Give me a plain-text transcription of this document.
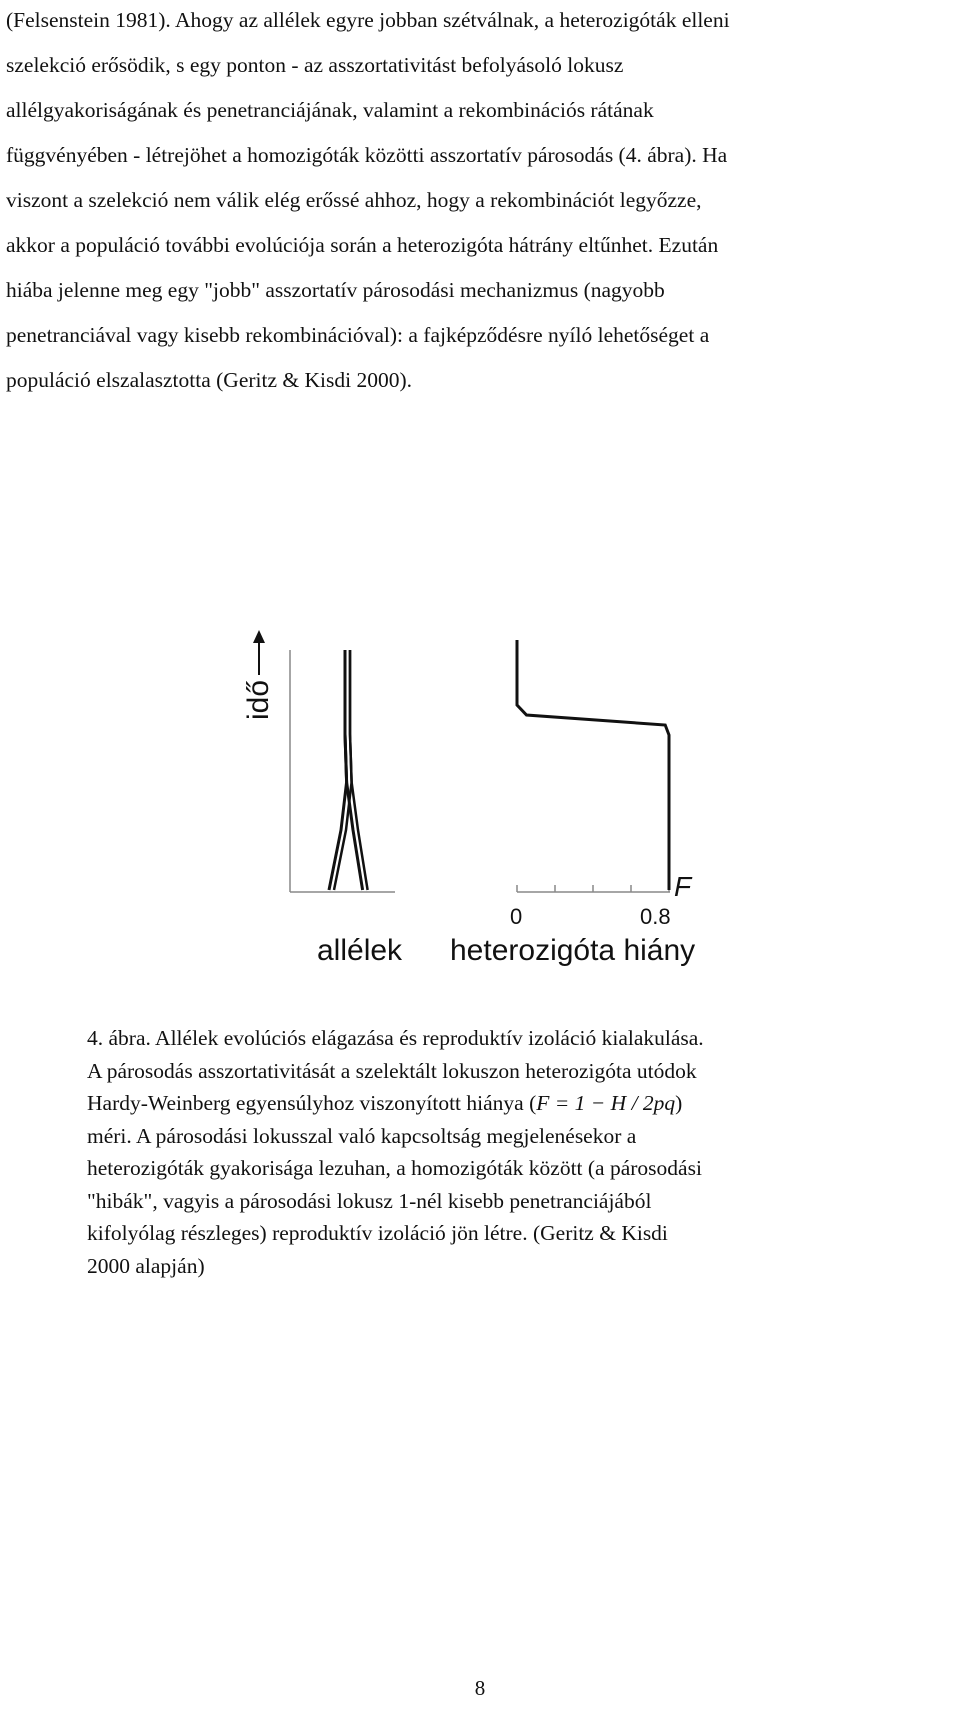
(Felsenstein 1981). Ahogy az allélek egyre jobban szétválnak, a heterozigóták elleni
szelekció erősödik, s egy ponton - az asszortativitást befolyásoló lokusz
allélgyakoriságának és penetranciájának, valamint a rekombinációs rátának
függvényében - létrejöhet a homozigóták közötti asszortatív párosodás (4. ábra). Ha
viszont a szelekció nem válik elég erőssé ahhoz, hogy a rekombinációt legyőzze,
akkor a populáció további evolúciója során a heterozigóta hátrány eltűnhet. Ezután
hiába jelenne meg egy "jobb" asszortatív párosodási mechanizmus (nagyobb
penetranciával vagy kisebb rekombinációval): a fajképződésre nyíló lehetőséget a
populáció elszalasztotta (Geritz & Kisdi 2000).
idő
F
0	0.8
allélek heterozigóta hiány
4. ábra. Allélek evolúciós elágazása és reproduktív izoláció kialakulása.
A párosodás asszortativitását a szelektált lokuszon heterozigóta utódok
Hardy-Weinberg egyensúlyhoz viszonyított hiánya (F = 1 − H / 2pq)
méri. A párosodási lokusszal való kapcsoltság megjelenésekor a
heterozigóták gyakorisága lezuhan, a homozigóták között (a párosodási
"hibák", vagyis a párosodási lokusz 1-nél kisebb penetranciájából
kifolyólag részleges) reproduktív izoláció jön létre. (Geritz & Kisdi
2000 alapján)
8
